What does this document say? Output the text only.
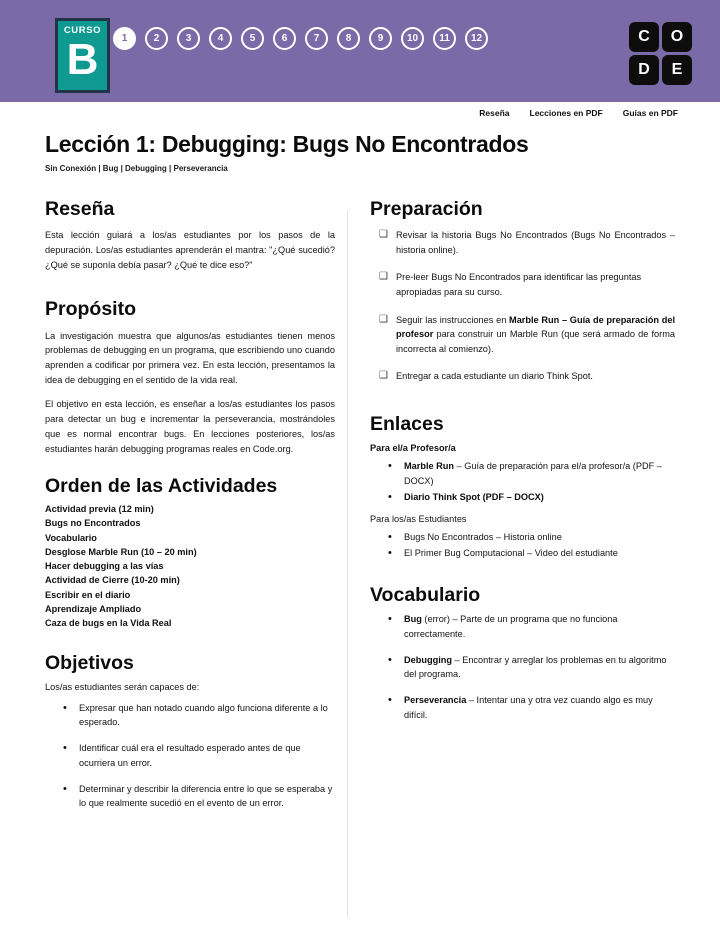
CURSO
B	1	2	3	4	5	6	7	8	9	10	11	12	C	O
D	E
Reseña Lecciones en PDF Guías en PDF
Lección 1: Debugging: Bugs No Encontrados
Sin Conexión | Bug | Debugging | Perseverancia
Reseña

Esta lección guiará a los/as estudiantes por los pasos de la depuración. Los/as estudiantes aprenderán el mantra: "¿Qué sucedió? ¿Qué se suponía debía pasar? ¿Qué te dice eso?"

Propósito

La investigación muestra que algunos/as estudiantes tienen menos problemas de debugging en un programa, que escribiendo uno cuando aprenden a codificar por primera vez. En esta lección, presentamos la idea de debugging en el sentido de la vida real.

El objetivo en esta lección, es enseñar a los/as estudiantes los pasos para detectar un bug e incrementar la perseverancia, mostrándoles que es normal encontrar bugs. En lecciones posteriores, los/as estudiantes harán debugging programas reales en Code.org.

Orden de las Actividades
Actividad previa (12 min)
Bugs no Encontrados
Vocabulario
Desglose Marble Run (10 – 20 min)
Hacer debugging a las vías
Actividad de Cierre (10-20 min)
Escribir en el diario
Aprendizaje Ampliado
Caza de bugs en la Vida Real
Objetivos

Los/as estudiantes serán capaces de:

• Expresar que han notado cuando algo funciona diferente a lo esperado.
• Identificar cuál era el resultado esperado antes de que ocurriera un error.
• Determinar y describir la diferencia entre lo que se esperaba y lo que realmente sucedió en el evento de un error.
Preparación
❑ Revisar la historia Bugs No Encontrados (Bugs No Encontrados – historia online).
❑ Pre-leer Bugs No Encontrados para identificar las preguntas apropiadas para su curso.
❑ Seguir las instrucciones en Marble Run – Guía de preparación del profesor para construir un Marble Run (que será armado de forma incorrecta al comienzo).
❑ Entregar a cada estudiante un diario Think Spot.
Enlaces

Para el/a Profesor/a

• Marble Run – Guía de preparación para el/a profesor/a (PDF – DOCX)
• Diario Think Spot (PDF – DOCX)

Para los/as Estudiantes

• Bugs No Encontrados – Historia online
• El Primer Bug Computacional – Video del estudiante
Vocabulario
• Bug (error) – Parte de un programa que no funciona correctamente.
• Debugging – Encontrar y arreglar los problemas en tu algoritmo del programa.
• Perseverancia – Intentar una y otra vez cuando algo es muy difícil.
